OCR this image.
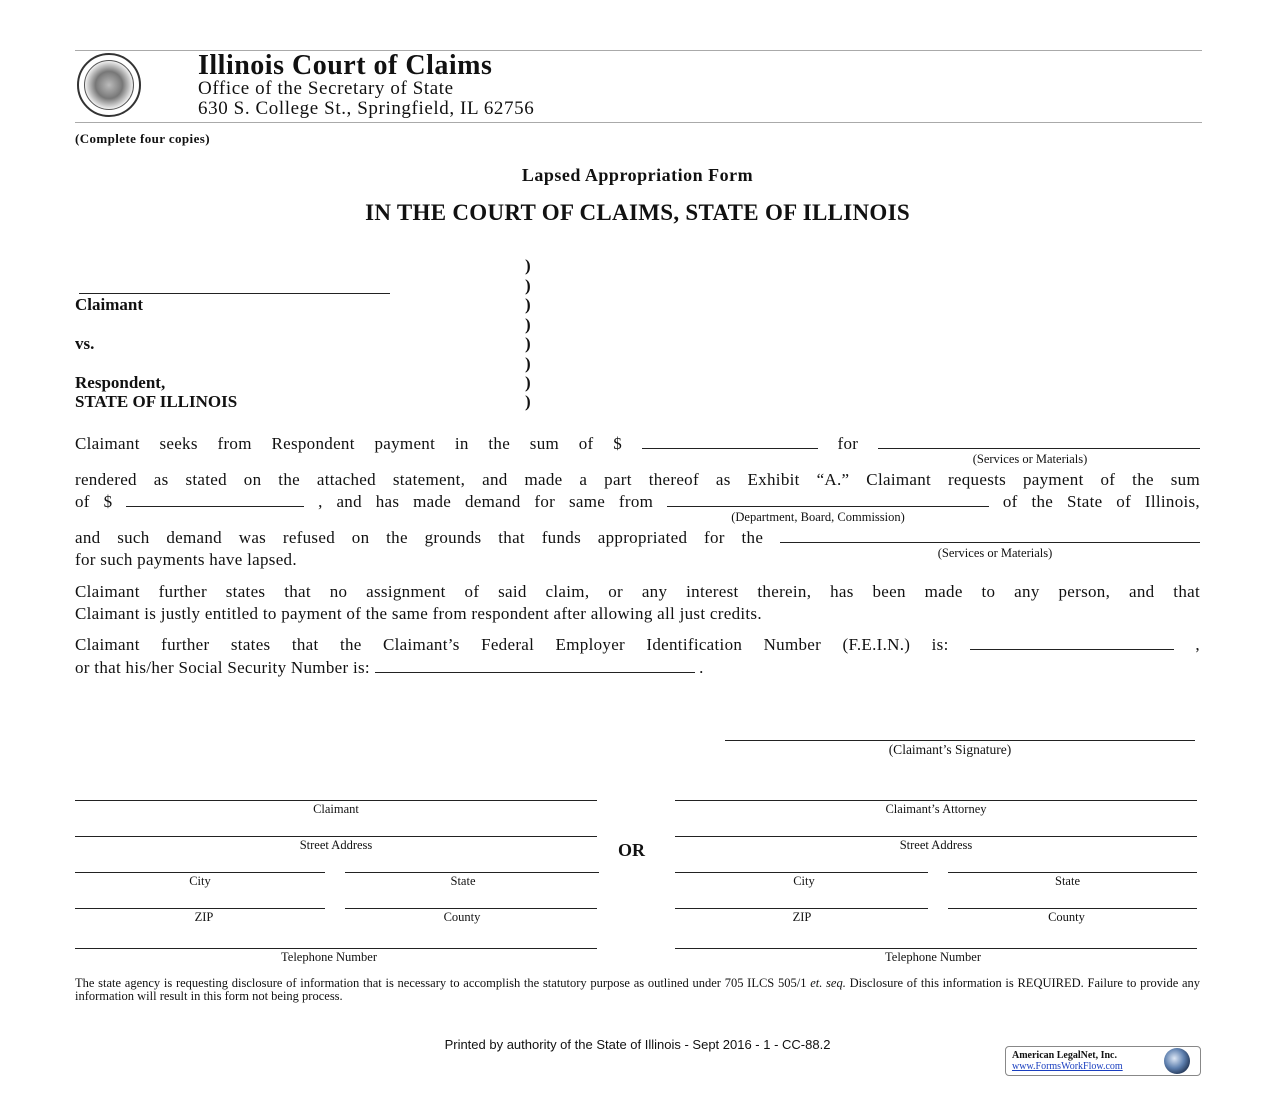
Illinois Court of Claims
Office of the Secretary of State
630 S. College St., Springfield, IL 62756
(Complete four copies)
Lapsed Appropriation Form
IN THE COURT OF CLAIMS, STATE OF ILLINOIS
Claimant
vs.
Respondent,
STATE OF ILLINOIS
)
)
)
)
)
)
)
)
Claimant seeks from Respondent payment in the sum of $	for
(Services or Materials)
rendered as stated on the attached statement, and made a part thereof as Exhibit “A.” Claimant requests payment of the sum
of $	, and has made demand for same from	of the State of Illinois,
(Department, Board, Commission)
and such demand was refused on the grounds that funds appropriated for the
(Services or Materials)
for such payments have lapsed.
Claimant further states that no assignment of said claim, or any interest therein, has been made to any person, and that
Claimant is justly entitled to payment of the same from respondent after allowing all just credits.
Claimant further states that the Claimant’s Federal Employer Identification Number (F.E.I.N.) is:	,
or that his/her Social Security Number is:	.
(Claimant’s Signature)
Claimant
Street Address
City	State
ZIP	County
Telephone Number
OR
Claimant’s Attorney
Street Address
City	State
ZIP	County
Telephone Number
The state agency is requesting disclosure of information that is necessary to accomplish the statutory purpose as outlined under 705 ILCS 505/1 et. seq. Disclosure of this information is REQUIRED. Failure to provide any information will result in this form not being process.
Printed by authority of the State of Illinois - Sept 2016 - 1 - CC-88.2
American LegalNet, Inc.
www.FormsWorkFlow.com
